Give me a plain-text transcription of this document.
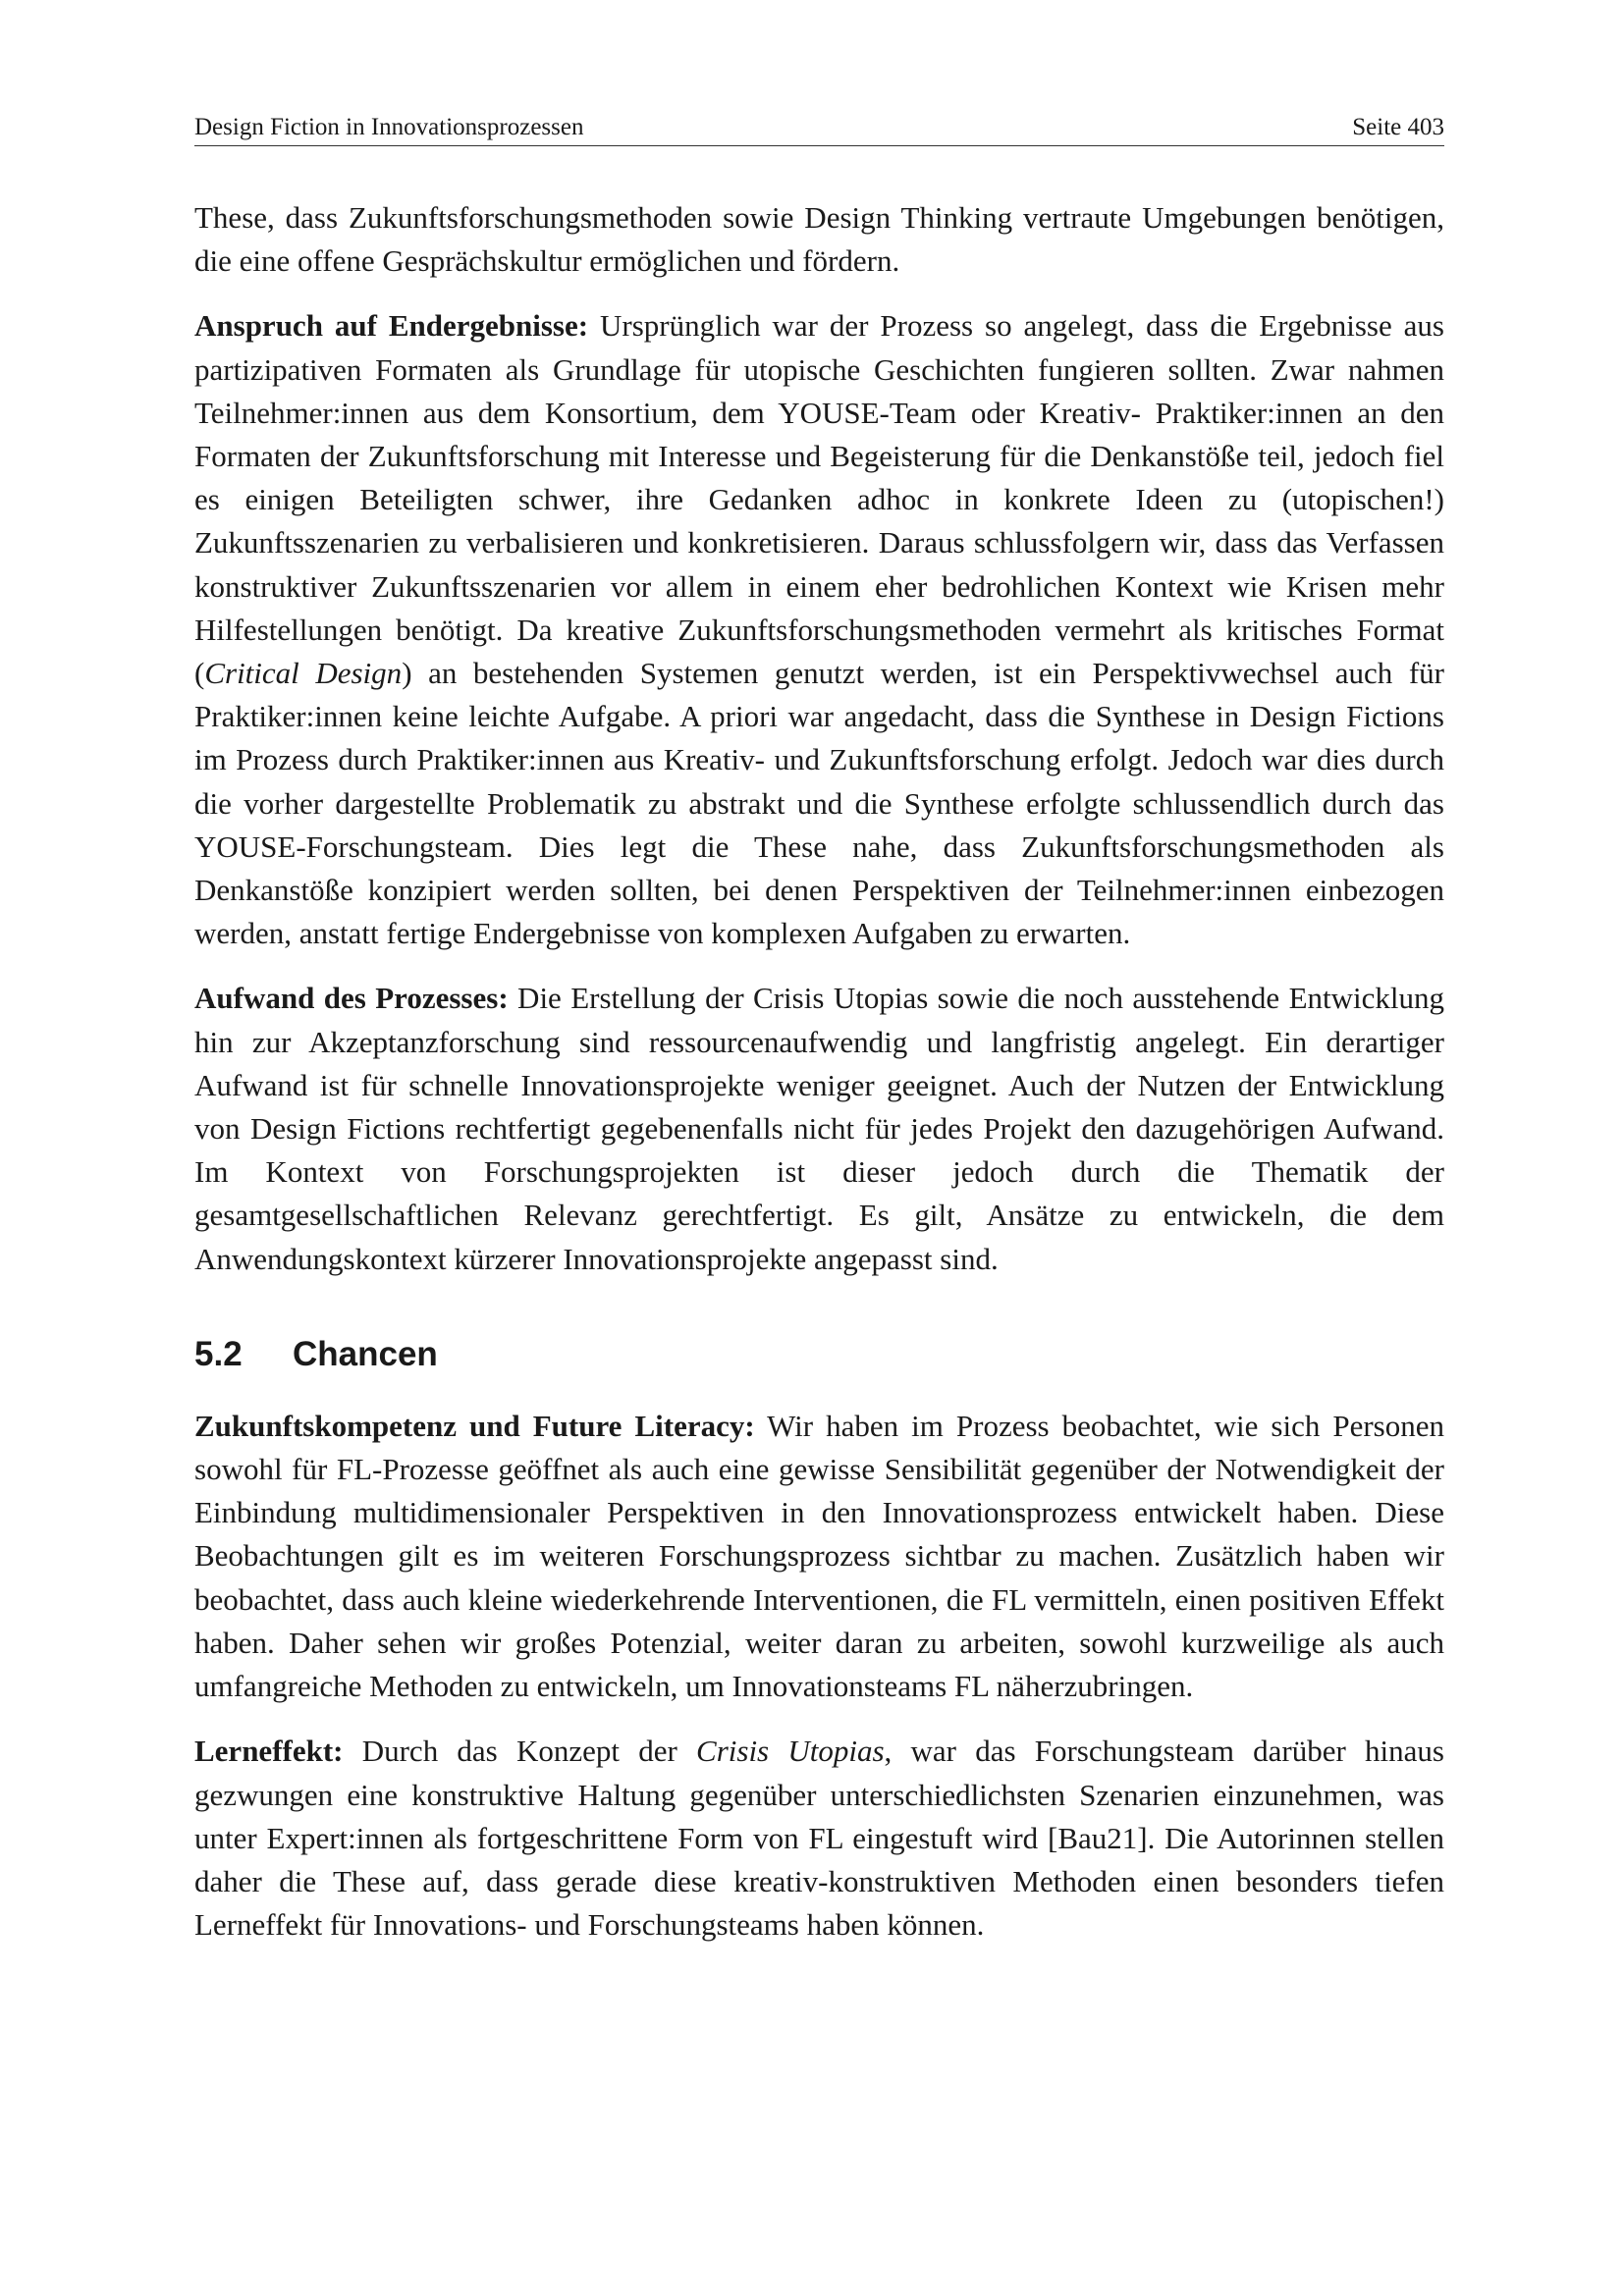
Design Fiction in Innovationsprozessen	Seite 403

These, dass Zukunftsforschungsmethoden sowie Design Thinking vertraute Umgebungen benötigen, die eine offene Gesprächskultur ermöglichen und fördern.

Anspruch auf Endergebnisse: Ursprünglich war der Prozess so angelegt, dass die Ergebnisse aus partizipativen Formaten als Grundlage für utopische Geschichten fungieren sollten. Zwar nahmen Teilnehmer:innen aus dem Konsortium, dem YOUSE-Team oder Kreativ- Praktiker:innen an den Formaten der Zukunftsforschung mit Interesse und Begeisterung für die Denkanstöße teil, jedoch fiel es einigen Beteiligten schwer, ihre Gedanken adhoc in konkrete Ideen zu (utopischen!) Zukunftsszenarien zu verbalisieren und konkretisieren. Daraus schlussfolgern wir, dass das Verfassen konstruktiver Zukunftsszenarien vor allem in einem eher bedrohlichen Kontext wie Krisen mehr Hilfestellungen benötigt. Da kreative Zukunftsforschungsmethoden vermehrt als kritisches Format (Critical Design) an bestehenden Systemen genutzt werden, ist ein Perspektivwechsel auch für Praktiker:innen keine leichte Aufgabe. A priori war angedacht, dass die Synthese in Design Fictions im Prozess durch Praktiker:innen aus Kreativ- und Zukunftsforschung erfolgt. Jedoch war dies durch die vorher dargestellte Problematik zu abstrakt und die Synthese erfolgte schlussendlich durch das YOUSE-Forschungsteam. Dies legt die These nahe, dass Zukunftsforschungsmethoden als Denkanstöße konzipiert werden sollten, bei denen Perspektiven der Teilnehmer:innen einbezogen werden, anstatt fertige Endergebnisse von komplexen Aufgaben zu erwarten.

Aufwand des Prozesses: Die Erstellung der Crisis Utopias sowie die noch ausstehende Entwicklung hin zur Akzeptanzforschung sind ressourcenaufwendig und langfristig angelegt. Ein derartiger Aufwand ist für schnelle Innovationsprojekte weniger geeignet. Auch der Nutzen der Entwicklung von Design Fictions rechtfertigt gegebenenfalls nicht für jedes Projekt den dazugehörigen Aufwand. Im Kontext von Forschungsprojekten ist dieser jedoch durch die Thematik der gesamtgesellschaftlichen Relevanz gerechtfertigt. Es gilt, Ansätze zu entwickeln, die dem Anwendungskontext kürzerer Innovationsprojekte angepasst sind.

5.2	Chancen

Zukunftskompetenz und Future Literacy: Wir haben im Prozess beobachtet, wie sich Personen sowohl für FL-Prozesse geöffnet als auch eine gewisse Sensibilität gegenüber der Notwendigkeit der Einbindung multidimensionaler Perspektiven in den Innovationsprozess entwickelt haben. Diese Beobachtungen gilt es im weiteren Forschungsprozess sichtbar zu machen. Zusätzlich haben wir beobachtet, dass auch kleine wiederkehrende Interventionen, die FL vermitteln, einen positiven Effekt haben. Daher sehen wir großes Potenzial, weiter daran zu arbeiten, sowohl kurzweilige als auch umfangreiche Methoden zu entwickeln, um Innovationsteams FL näherzubringen.

Lerneffekt: Durch das Konzept der Crisis Utopias, war das Forschungsteam darüber hinaus gezwungen eine konstruktive Haltung gegenüber unterschiedlichsten Szenarien einzunehmen, was unter Expert:innen als fortgeschrittene Form von FL eingestuft wird [Bau21]. Die Autorinnen stellen daher die These auf, dass gerade diese kreativ-konstruktiven Methoden einen besonders tiefen Lerneffekt für Innovations- und Forschungsteams haben können.
